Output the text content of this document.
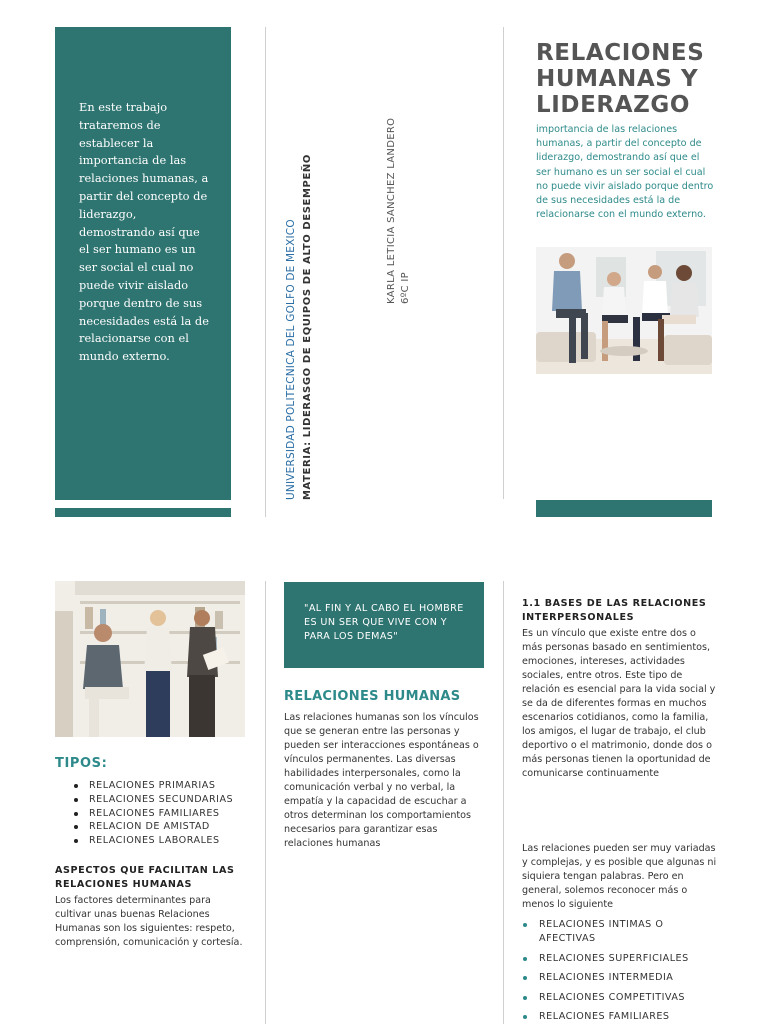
En este trabajo trataremos de establecer la importancia de las relaciones humanas, a partir del concepto de liderazgo, demostrando así que el ser humano es un ser social el cual no puede vivir aislado porque dentro de sus necesidades está la de relacionarse con el mundo externo.	UNIVERSIDAD POLITECNICA DEL GOLFO DE MEXICO MATERIA: LIDERASGO DE EQUIPOS DE ALTO DESEMPEÑO	KARLA LETICIA SANCHEZ LANDERO 6ºC IP
RELACIONES HUMANAS Y LIDERAZGO

importancia de las relaciones humanas, a partir del concepto de liderazgo, demostrando así que el ser humano es un ser social el cual no puede vivir aislado porque dentro de sus necesidades está la de relacionarse con el mundo externo.

TIPOS:
RELACIONES PRIMARIAS
RELACIONES SECUNDARIAS
RELACIONES FAMILIARES
RELACION DE AMISTAD
RELACIONES LABORALES
ASPECTOS QUE FACILITAN LAS RELACIONES HUMANAS

Los factores determinantes para cultivar unas buenas Relaciones Humanas son los siguientes: respeto, comprensión, comunicación y cortesía.

"AL FIN Y AL CABO EL HOMBRE ES UN SER QUE VIVE CON Y PARA LOS DEMAS"

RELACIONES HUMANAS

Las relaciones humanas son los vínculos que se generan entre las personas y pueden ser interacciones espontáneas o vínculos permanentes. Las diversas habilidades interpersonales, como la comunicación verbal y no verbal, la empatía y la capacidad de escuchar a otros determinan los comportamientos necesarios para garantizar esas relaciones humanas

1.1 BASES DE LAS RELACIONES INTERPERSONALES

Es un vínculo que existe entre dos o más personas basado en sentimientos, emociones, intereses, actividades sociales, entre otros. Este tipo de relación es esencial para la vida social y se da de diferentes formas en muchos escenarios cotidianos, como la familia, los amigos, el lugar de trabajo, el club deportivo o el matrimonio, donde dos o más personas tienen la oportunidad de comunicarse continuamente

Las relaciones pueden ser muy variadas y complejas, y es posible que algunas ni siquiera tengan palabras. Pero en general, solemos reconocer más o menos lo siguiente

RELACIONES INTIMAS O AFECTIVAS
RELACIONES SUPERFICIALES
RELACIONES INTERMEDIA
RELACIONES COMPETITIVAS
RELACIONES FAMILIARES
